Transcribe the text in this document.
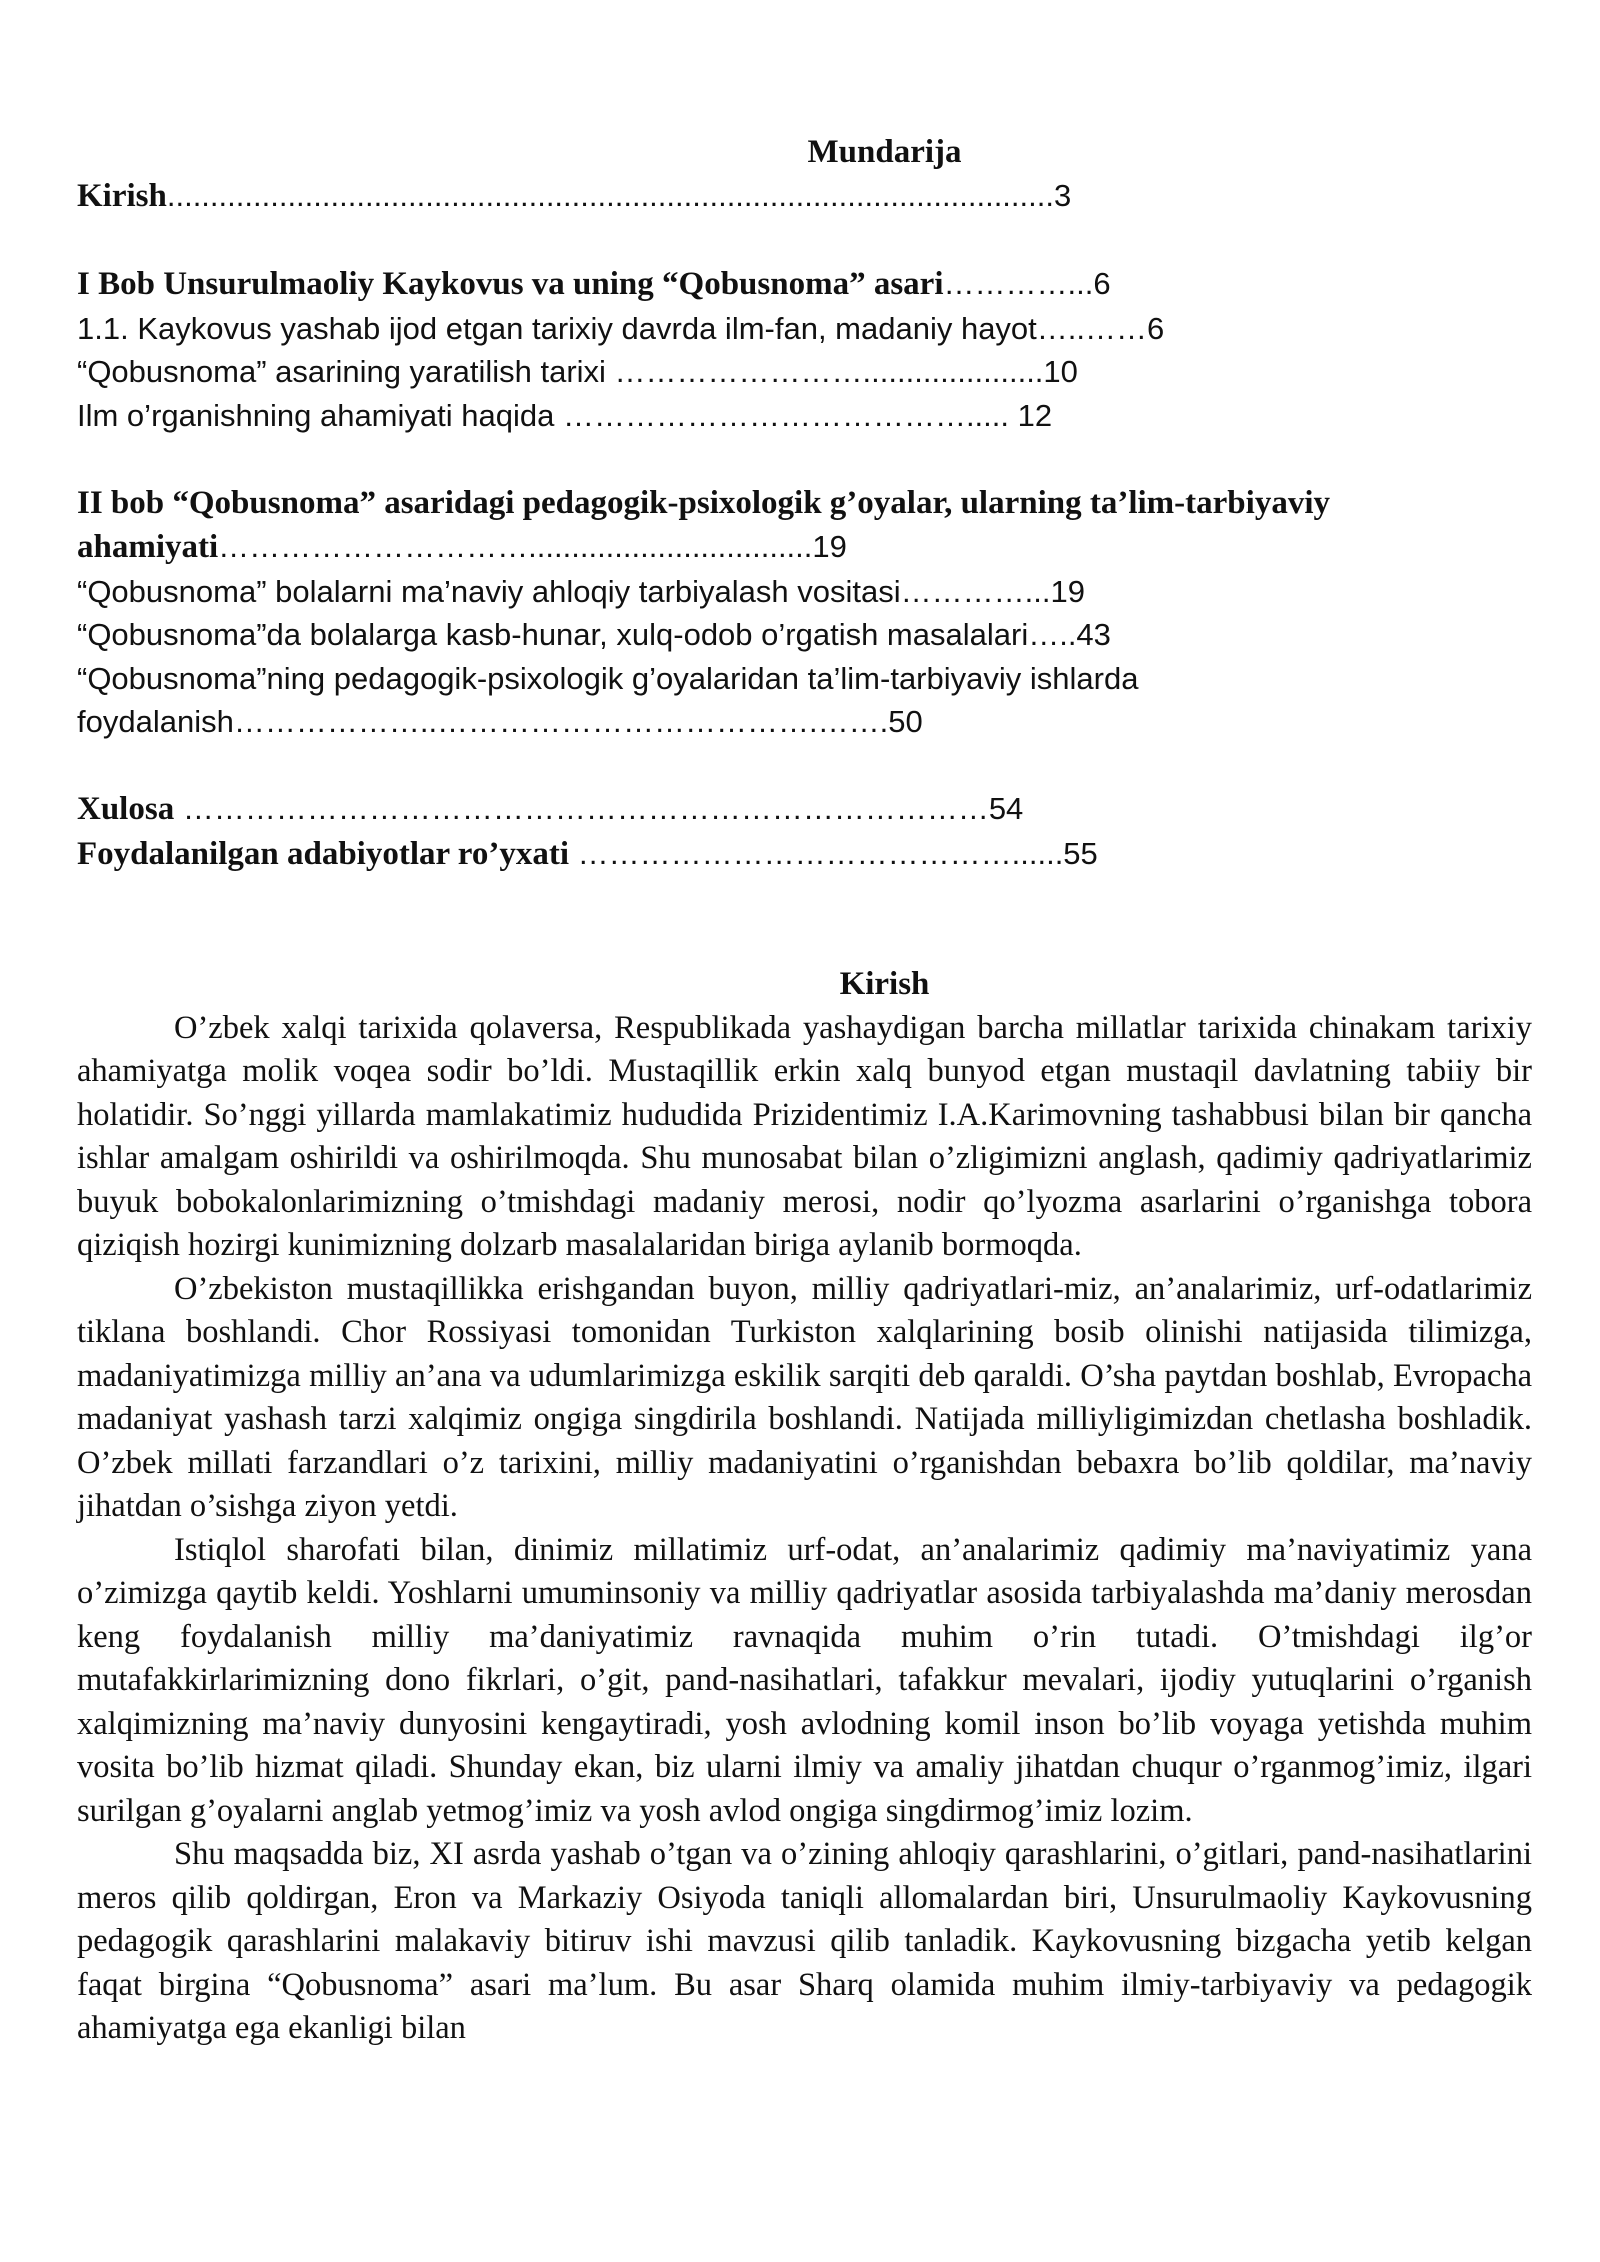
Mundarija
Kirish.......................................................................................................3
I Bob Unsurulmaoliy Kaykovus va uning “Qobusnoma” asari…………...6
1.1. Kaykovus yashab ijod etgan tarixiy davrda ilm-fan, madaniy hayot…..……6
“Qobusnoma” asarining yaratilish tarixi …………………….....................10
Ilm o’rganishning ahamiyati haqida …………………………………..... 12
II bob “Qobusnoma” asaridagi pedagogik-psixologik g’oyalar, ularning ta’lim-tarbiyaviy ahamiyati………………………….................................19
“Qobusnoma” bolalarni ma’naviy ahloqiy tarbiyalash vositasi…………...19
“Qobusnoma”da bolalarga kasb-hunar, xulq-odob o’rgatish masalalari…..43
“Qobusnoma”ning pedagogik-psixologik g’oyalaridan ta’lim-tarbiyaviy ishlarda foydalanish………………..……………………………….…….50
Xulosa ……………………………………………………………………54
Foydalanilgan adabiyotlar ro’yxati ……………………………………......55
Kirish

O’zbek xalqi tarixida qolaversa, Respublikada yashaydigan barcha millatlar tarixida chinakam tarixiy ahamiyatga molik voqea sodir bo’ldi. Mustaqillik erkin xalq bunyod etgan mustaqil davlatning tabiiy bir holatidir. So’nggi yillarda mamlakatimiz hududida Prizidentimiz I.A.Karimovning tashabbusi bilan bir qancha ishlar amalgam oshirildi va oshirilmoqda. Shu munosabat bilan o’zligimizni anglash, qadimiy qadriyatlarimiz buyuk bobokalonlarimizning o’tmishdagi madaniy merosi, nodir qo’lyozma asarlarini o’rganishga tobora qiziqish hozirgi kunimizning dolzarb masalalaridan biriga aylanib bormoqda.

O’zbekiston mustaqillikka erishgandan buyon, milliy qadriyatlari-miz, an’analarimiz, urf-odatlarimiz tiklana boshlandi. Chor Rossiyasi tomonidan Turkiston xalqlarining bosib olinishi natijasida tilimizga, madaniyatimizga milliy an’ana va udumlarimizga eskilik sarqiti deb qaraldi. O’sha paytdan boshlab, Evropacha madaniyat yashash tarzi xalqimiz ongiga singdirila boshlandi. Natijada milliyligimizdan chetlasha boshladik. O’zbek millati farzandlari o’z tarixini, milliy madaniyatini o’rganishdan bebaxra bo’lib qoldilar, ma’naviy jihatdan o’sishga ziyon yetdi.

Istiqlol sharofati bilan, dinimiz millatimiz urf-odat, an’analarimiz qadimiy ma’naviyatimiz yana o’zimizga qaytib keldi. Yoshlarni umuminsoniy va milliy qadriyatlar asosida tarbiyalashda ma’daniy merosdan keng foydalanish milliy ma’daniyatimiz ravnaqida muhim o’rin tutadi. O’tmishdagi ilg’or mutafakkirlarimizning dono fikrlari, o’git, pand-nasihatlari, tafakkur mevalari, ijodiy yutuqlarini o’rganish xalqimizning ma’naviy dunyosini kengaytiradi, yosh avlodning komil inson bo’lib voyaga yetishda muhim vosita bo’lib hizmat qiladi. Shunday ekan, biz ularni ilmiy va amaliy jihatdan chuqur o’rganmog’imiz, ilgari surilgan g’oyalarni anglab yetmog’imiz va yosh avlod ongiga singdirmog’imiz lozim.

Shu maqsadda biz, XI asrda yashab o’tgan va o’zining ahloqiy qarashlarini, o’gitlari, pand-nasihatlarini meros qilib qoldirgan, Eron va Markaziy Osiyoda taniqli allomalardan biri, Unsurulmaoliy Kaykovusning pedagogik qarashlarini malakaviy bitiruv ishi mavzusi qilib tanladik. Kaykovusning bizgacha yetib kelgan faqat birgina “Qobusnoma” asari ma’lum. Bu asar Sharq olamida muhim ilmiy-tarbiyaviy va pedagogik ahamiyatga ega ekanligi bilan
